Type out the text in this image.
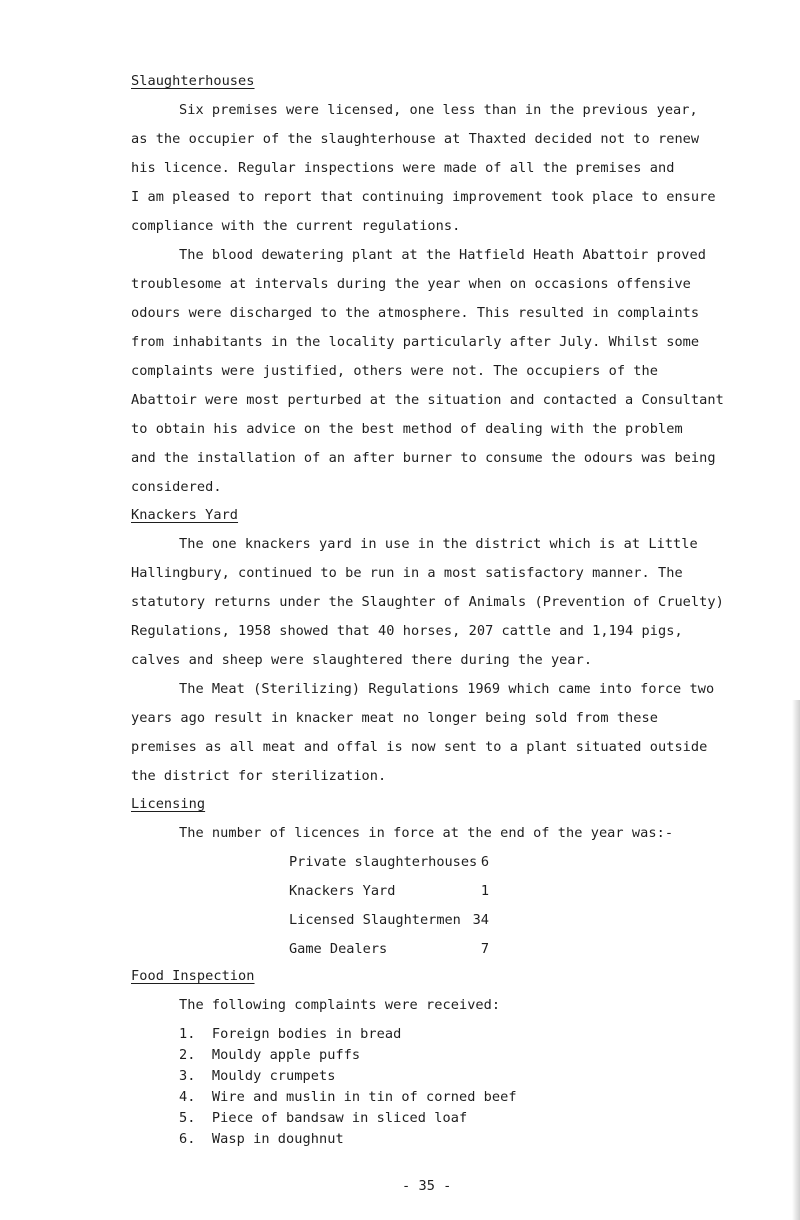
Slaughterhouses
Six premises were licensed, one less than in the previous year,
as the occupier of the slaughterhouse at Thaxted decided not to renew
his licence. Regular inspections were made of all the premises and
I am pleased to report that continuing improvement took place to ensure
compliance with the current regulations.
The blood dewatering plant at the Hatfield Heath Abattoir proved
troublesome at intervals during the year when on occasions offensive
odours were discharged to the atmosphere. This resulted in complaints
from inhabitants in the locality particularly after July. Whilst some
complaints were justified, others were not. The occupiers of the
Abattoir were most perturbed at the situation and contacted a Consultant
to obtain his advice on the best method of dealing with the problem
and the installation of an after burner to consume the odours was being
considered.
Knackers Yard
The one knackers yard in use in the district which is at Little
Hallingbury, continued to be run in a most satisfactory manner. The
statutory returns under the Slaughter of Animals (Prevention of Cruelty)
Regulations, 1958 showed that 40 horses, 207 cattle and 1,194 pigs,
calves and sheep were slaughtered there during the year.
The Meat (Sterilizing) Regulations 1969 which came into force two
years ago result in knacker meat no longer being sold from these
premises as all meat and offal is now sent to a plant situated outside
the district for sterilization.
Licensing
The number of licences in force at the end of the year was:-
Private slaughterhouses 6
Knackers Yard	1
Licensed Slaughtermen 34
Game Dealers	7
Food Inspection
The following complaints were received:
1.  Foreign bodies in bread
2.  Mouldy apple puffs
3.  Mouldy crumpets
4.  Wire and muslin in tin of corned beef
5.  Piece of bandsaw in sliced loaf
6.  Wasp in doughnut
- 35 -
